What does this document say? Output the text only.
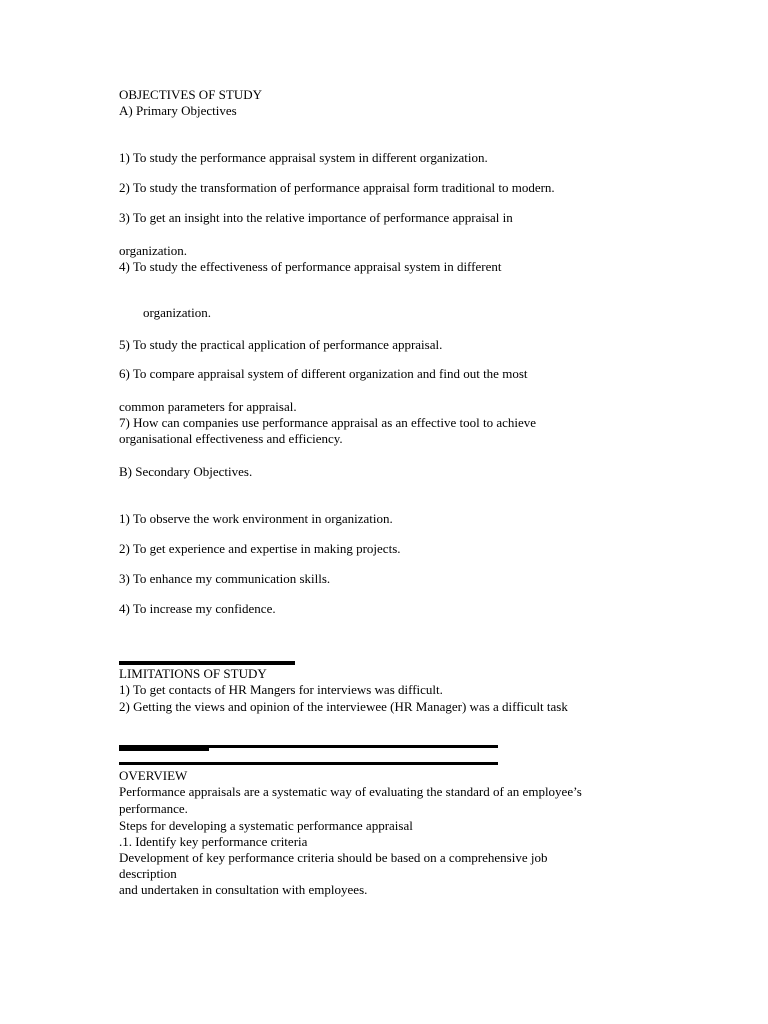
OBJECTIVES OF STUDY
A) Primary Objectives
1) To study the performance appraisal system in different organization.
2) To study the transformation of performance appraisal form traditional to modern.
3) To get an insight into the relative importance of performance appraisal in
organization.
4) To study the effectiveness of performance appraisal system in different
organization.
5) To study the practical application of performance appraisal.
6) To compare appraisal system of different organization and find out the most
common parameters for appraisal.
7) How can companies use performance appraisal as an effective tool to achieve
organisational effectiveness and efficiency.
B) Secondary Objectives.
1) To observe the work environment in organization.
2) To get experience and expertise in making projects.
3) To enhance my communication skills.
4) To increase my confidence.
LIMITATIONS OF STUDY
1) To get contacts of HR Mangers for interviews was difficult.
2) Getting the views and opinion of the interviewee (HR Manager) was a difficult task
OVERVIEW
Performance appraisals are a systematic way of evaluating the standard of an employee’s
performance.
Steps for developing a systematic performance appraisal
.1. Identify key performance criteria
Development of key performance criteria should be based on a comprehensive job
description
and undertaken in consultation with employees.
